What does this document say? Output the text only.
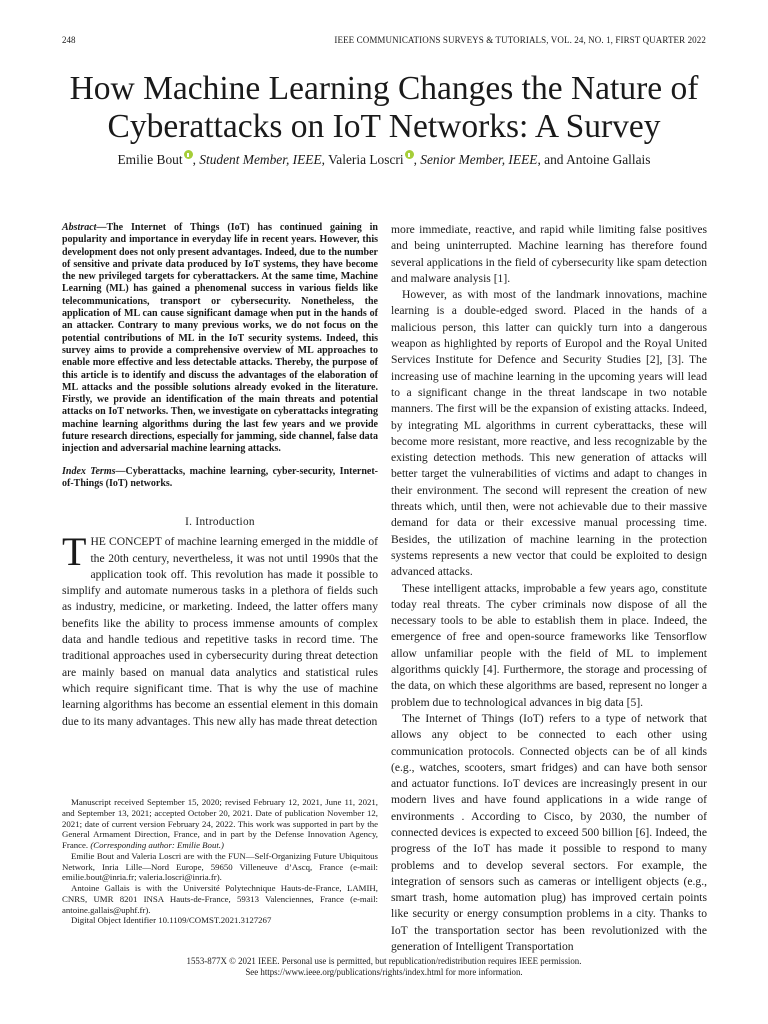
248	IEEE COMMUNICATIONS SURVEYS & TUTORIALS, VOL. 24, NO. 1, FIRST QUARTER 2022
How Machine Learning Changes the Nature of
Cyberattacks on IoT Networks: A Survey
Emilie Bout , Student Member, IEEE, Valeria Loscri , Senior Member, IEEE, and Antoine Gallais

Abstract—The Internet of Things (IoT) has continued gaining in popularity and importance in everyday life in recent years. However, this development does not only present advantages. Indeed, due to the number of sensitive and private data produced by IoT systems, they have become the new privileged targets for cyberattackers. At the same time, Machine Learning (ML) has gained a phenomenal success in various fields like telecommunications, transport or cybersecurity. Nonetheless, the application of ML can cause significant damage when put in the hands of an attacker. Contrary to many previous works, we do not focus on the potential contributions of ML in the IoT security systems. Indeed, this survey aims to provide a comprehensive overview of ML approaches to enable more effective and less detectable attacks. Thereby, the purpose of this article is to identify and discuss the advantages of the elaboration of ML attacks and the possible solutions already evoked in the literature. Firstly, we provide an identification of the main threats and potential attacks on IoT networks. Then, we investigate on cyberattacks integrating machine learning algorithms during the last few years and we provide future research directions, especially for jamming, side channel, false data injection and adversarial machine learning attacks.

Index Terms—Cyberattacks, machine learning, cyber-security, Internet-of-Things (IoT) networks.

I. Introduction

THE CONCEPT of machine learning emerged in the middle of the 20th century, nevertheless, it was not until 1990s that the application took off. This revolution has made it possible to simplify and automate numerous tasks in a plethora of fields such as industry, medicine, or marketing. Indeed, the latter offers many benefits like the ability to process immense amounts of complex data and handle tedious and repetitive tasks in record time. The traditional approaches used in cybersecurity during threat detection are mainly based on manual data analytics and statistical rules which require significant time. That is why the use of machine learning algorithms has become an essential element in this domain due to its many advantages. This new ally has made threat detection

more immediate, reactive, and rapid while limiting false positives and being uninterrupted. Machine learning has therefore found several applications in the field of cybersecurity like spam detection and malware analysis [1].

However, as with most of the landmark innovations, machine learning is a double-edged sword. Placed in the hands of a malicious person, this latter can quickly turn into a dangerous weapon as highlighted by reports of Europol and the Royal United Services Institute for Defence and Security Studies [2], [3]. The increasing use of machine learning in the upcoming years will lead to a significant change in the threat landscape in two notable manners. The first will be the expansion of existing attacks. Indeed, by integrating ML algorithms in current cyberattacks, these will become more resistant, more reactive, and less recognizable by the existing detection methods. This new generation of attacks will better target the vulnerabilities of victims and adapt to changes in their environment. The second will represent the creation of new threats which, until then, were not achievable due to their massive demand for data or their excessive manual processing time. Besides, the utilization of machine learning in the protection systems represents a new vector that could be exploited to design advanced attacks.

These intelligent attacks, improbable a few years ago, constitute today real threats. The cyber criminals now dispose of all the necessary tools to be able to establish them in place. Indeed, the emergence of free and open-source frameworks like Tensorflow allow unfamiliar people with the field of ML to implement algorithms quickly [4]. Furthermore, the storage and processing of the data, on which these algorithms are based, represent no longer a problem due to technological advances in big data [5].

The Internet of Things (IoT) refers to a type of network that allows any object to be connected to each other using communication protocols. Connected objects can be of all kinds (e.g., watches, scooters, smart fridges) and can have both sensor and actuator functions. IoT devices are increasingly present in our modern lives and have found applications in a wide range of environments . According to Cisco, by 2030, the number of connected devices is expected to exceed 500 billion [6]. Indeed, the progress of the IoT has made it possible to respond to many problems and to develop several sectors. For example, the integration of sensors such as cameras or intelligent objects (e.g., smart trash, home automation plug) has improved certain points like security or energy consumption problems in a city. Thanks to IoT the transportation sector has been revolutionized with the generation of Intelligent Transportation

Manuscript received September 15, 2020; revised February 12, 2021, June 11, 2021, and September 13, 2021; accepted October 20, 2021. Date of publication November 12, 2021; date of current version February 24, 2022. This work was supported in part by the General Armament Direction, France, and in part by the Defense Innovation Agency, France. (Corresponding author: Emilie Bout.)

Emilie Bout and Valeria Loscri are with the FUN—Self-Organizing Future Ubiquitous Network, Inria Lille—Nord Europe, 59650 Villeneuve d’Ascq, France (e-mail: emilie.bout@inria.fr; valeria.loscri@inria.fr).

Antoine Gallais is with the Université Polytechnique Hauts-de-France, LAMIH, CNRS, UMR 8201 INSA Hauts-de-France, 59313 Valenciennes, France (e-mail: antoine.gallais@uphf.fr).

Digital Object Identifier 10.1109/COMST.2021.3127267

1553-877X © 2021 IEEE. Personal use is permitted, but republication/redistribution requires IEEE permission.
See https://www.ieee.org/publications/rights/index.html for more information.
